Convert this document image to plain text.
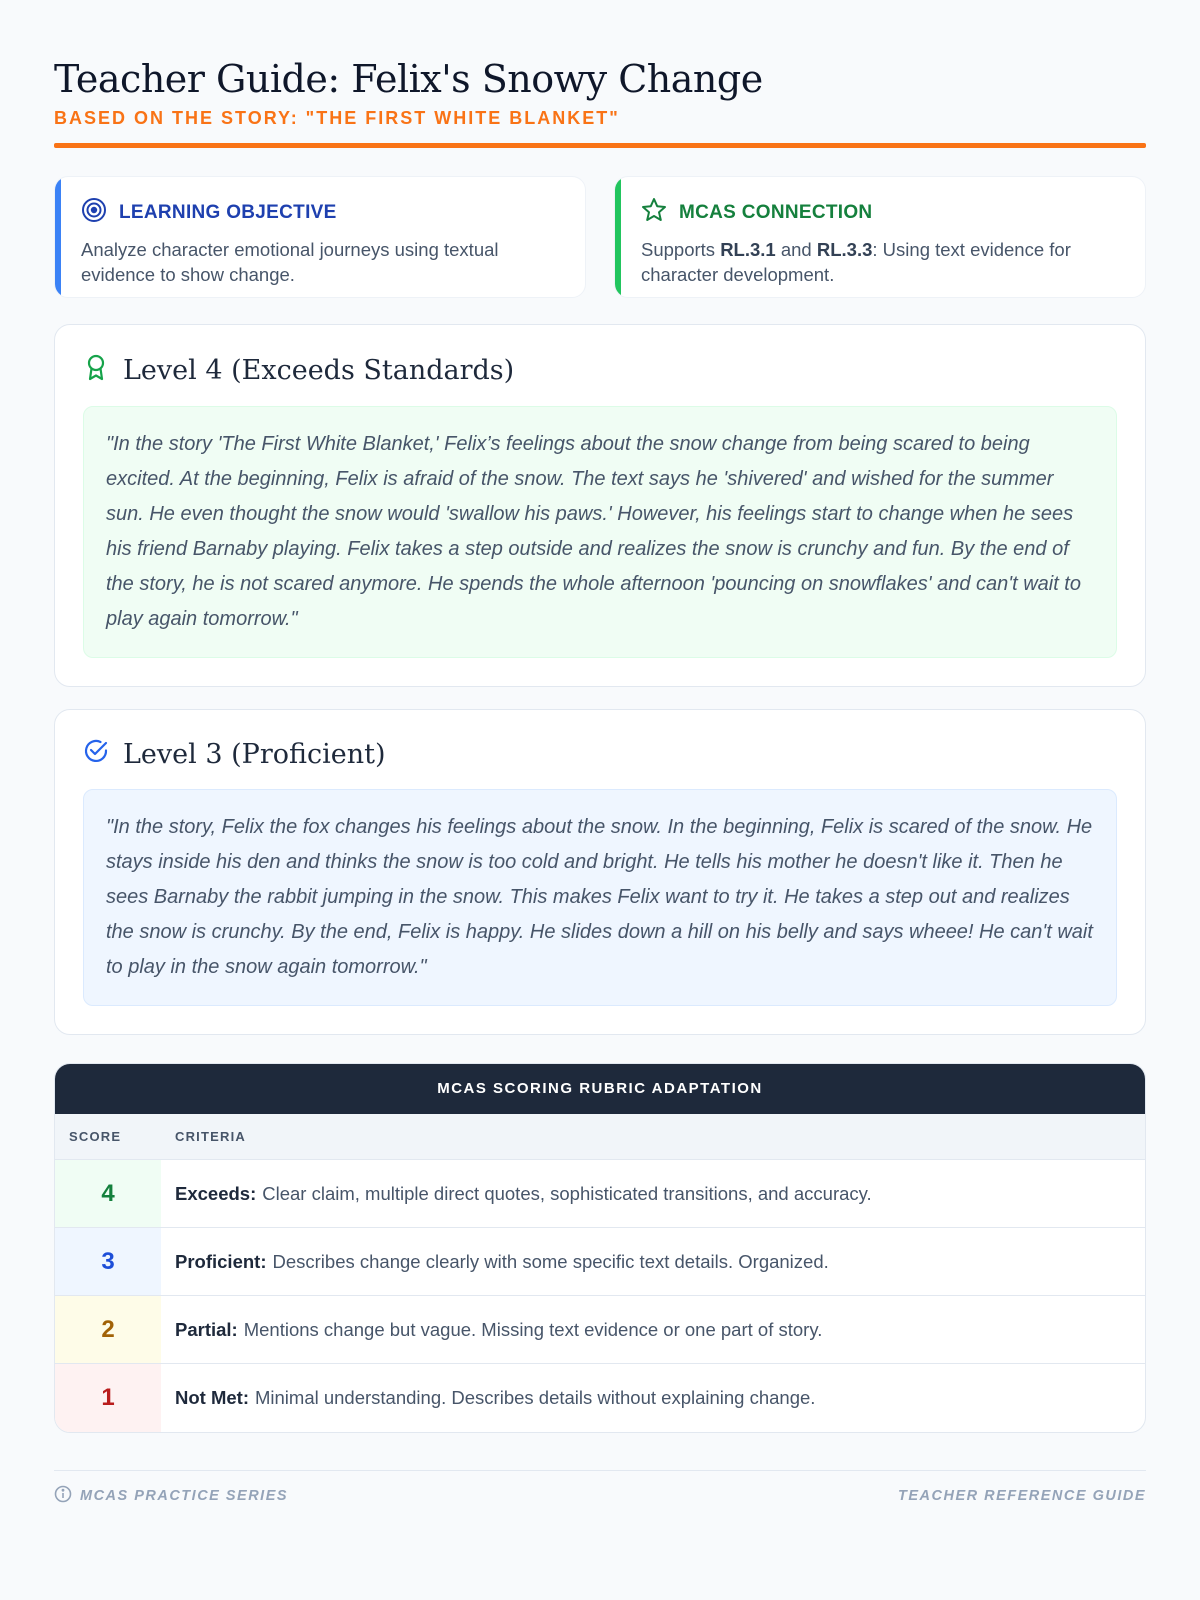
Teacher Guide: Felix's Snowy Change
BASED ON THE STORY: "THE FIRST WHITE BLANKET"
LEARNING OBJECTIVE
Analyze character emotional journeys using textual evidence to show change.
MCAS CONNECTION
Supports RL.3.1 and RL.3.3: Using text evidence for character development.
Level 4 (Exceeds Standards)
"In the story 'The First White Blanket,' Felix’s feelings about the snow change from being scared to being excited. At the beginning, Felix is afraid of the snow. The text says he 'shivered' and wished for the summer sun. He even thought the snow would 'swallow his paws.' However, his feelings start to change when he sees his friend Barnaby playing. Felix takes a step outside and realizes the snow is crunchy and fun. By the end of the story, he is not scared anymore. He spends the whole afternoon 'pouncing on snowflakes' and can't wait to play again tomorrow."
Level 3 (Proficient)
"In the story, Felix the fox changes his feelings about the snow. In the beginning, Felix is scared of the snow. He stays inside his den and thinks the snow is too cold and bright. He tells his mother he doesn't like it. Then he sees Barnaby the rabbit jumping in the snow. This makes Felix want to try it. He takes a step out and realizes the snow is crunchy. By the end, Felix is happy. He slides down a hill on his belly and says wheee! He can't wait to play in the snow again tomorrow."
MCAS SCORING RUBRIC ADAPTATION
SCORE	CRITERIA
4	Exceeds: Clear claim, multiple direct quotes, sophisticated transitions, and accuracy.
3	Proficient: Describes change clearly with some specific text details. Organized.
2	Partial: Mentions change but vague. Missing text evidence or one part of story.
1	Not Met: Minimal understanding. Describes details without explaining change.
MCAS PRACTICE SERIES	TEACHER REFERENCE GUIDE
